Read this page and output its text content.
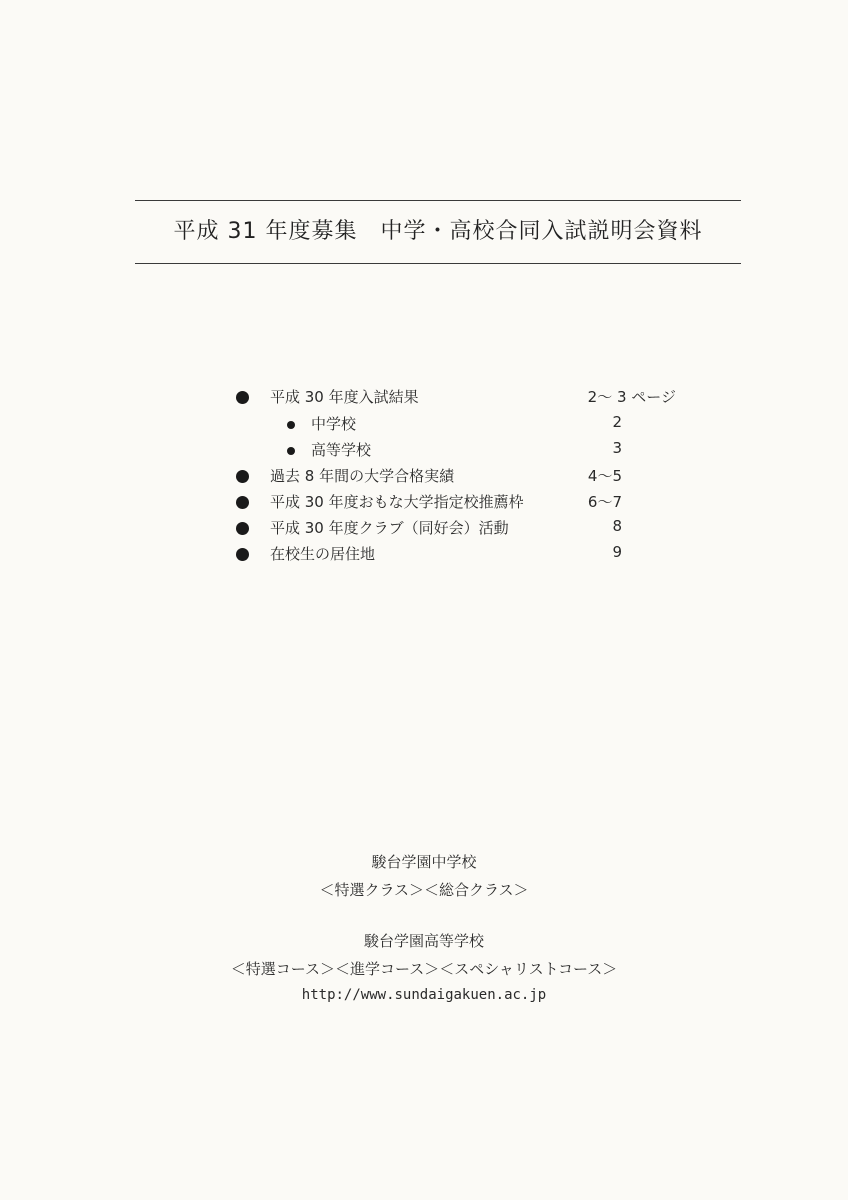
平成 31 年度募集　中学・高校合同入試説明会資料
平成 30 年度入試結果	2～ 3 ページ
中学校	2
高等学校	3
過去 8 年間の大学合格実績	4～5
平成 30 年度おもな大学指定校推薦枠	6～7
平成 30 年度クラブ（同好会）活動	8
在校生の居住地	9
駿台学園中学校
＜特選クラス＞＜総合クラス＞
駿台学園高等学校
＜特選コース＞＜進学コース＞＜スペシャリストコース＞
http://www.sundaigakuen.ac.jp
